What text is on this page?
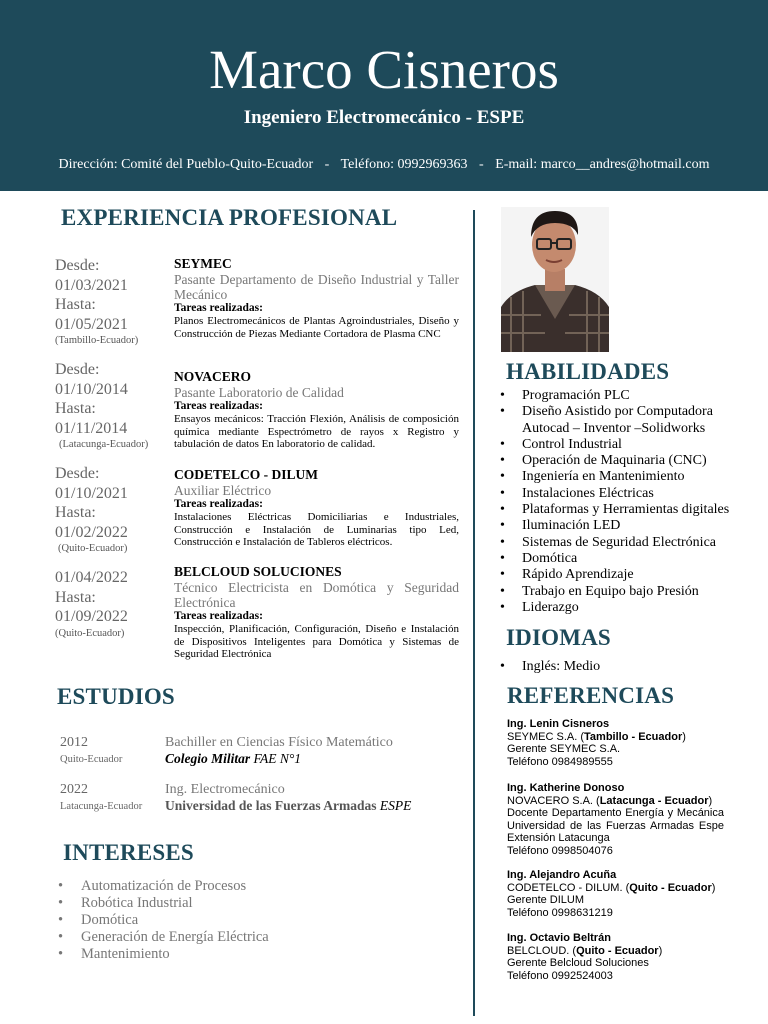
Marco Cisneros
Ingeniero Electromecánico - ESPE
Dirección: Comité del Pueblo-Quito-Ecuador - Teléfono: 0992969363 - E-mail: marco__andres@hotmail.com
EXPERIENCIA PROFESIONAL
Desde:
01/03/2021
Hasta:
01/05/2021
(Tambillo-Ecuador)
SEYMEC
Pasante Departamento de Diseño Industrial y Taller Mecánico
Tareas realizadas:
Planos Electromecánicos de Plantas Agroindustriales, Diseño y Construcción de Piezas Mediante Cortadora de Plasma CNC
Desde:
01/10/2014
Hasta:
01/11/2014
(Latacunga-Ecuador)
NOVACERO
Pasante Laboratorio de Calidad
Tareas realizadas:
Ensayos mecánicos: Tracción Flexión, Análisis de composición química mediante Espectrómetro de rayos x Registro y tabulación de datos En laboratorio de calidad.
Desde:
01/10/2021
Hasta:
01/02/2022
(Quito-Ecuador)
CODETELCO - DILUM
Auxiliar Eléctrico
Tareas realizadas:
Instalaciones Eléctricas Domiciliarias e Industriales, Construcción e Instalación de Luminarias tipo Led, Construcción e Instalación de Tableros eléctricos.
01/04/2022
Hasta:
01/09/2022
(Quito-Ecuador)
BELCLOUD SOLUCIONES
Técnico Electricista en Domótica y Seguridad Electrónica
Tareas realizadas:
Inspección, Planificación, Configuración, Diseño e Instalación de Dispositivos Inteligentes para Domótica y Sistemas de Seguridad Electrónica
ESTUDIOS
2012
Quito-Ecuador
Bachiller en Ciencias Físico Matemático
Colegio Militar FAE N°1
2022
Latacunga-Ecuador
Ing. Electromecánico
Universidad de las Fuerzas Armadas ESPE
INTERESES
• Automatización de Procesos
• Robótica Industrial
• Domótica
• Generación de Energía Eléctrica
• Mantenimiento
HABILIDADES
• Programación PLC
• Diseño Asistido por Computadora Autocad – Inventor –Solidworks
• Control Industrial
• Operación de Maquinaria (CNC)
• Ingeniería en Mantenimiento
• Instalaciones Eléctricas
• Plataformas y Herramientas digitales
• Iluminación LED
• Sistemas de Seguridad Electrónica
• Domótica
• Rápido Aprendizaje
• Trabajo en Equipo bajo Presión
• Liderazgo
IDIOMAS
• Inglés: Medio
REFERENCIAS
Ing. Lenin Cisneros
SEYMEC S.A. (Tambillo - Ecuador)
Gerente SEYMEC S.A.
Teléfono 0984989555
Ing. Katherine Donoso
NOVACERO S.A. (Latacunga - Ecuador)
Docente Departamento Energía y Mecánica Universidad de las Fuerzas Armadas Espe Extensión Latacunga
Teléfono 0998504076
Ing. Alejandro Acuña
CODETELCO - DILUM. (Quito - Ecuador)
Gerente DILUM
Teléfono 0998631219
Ing. Octavio Beltrán
BELCLOUD. (Quito - Ecuador)
Gerente Belcloud Soluciones
Teléfono 0992524003
